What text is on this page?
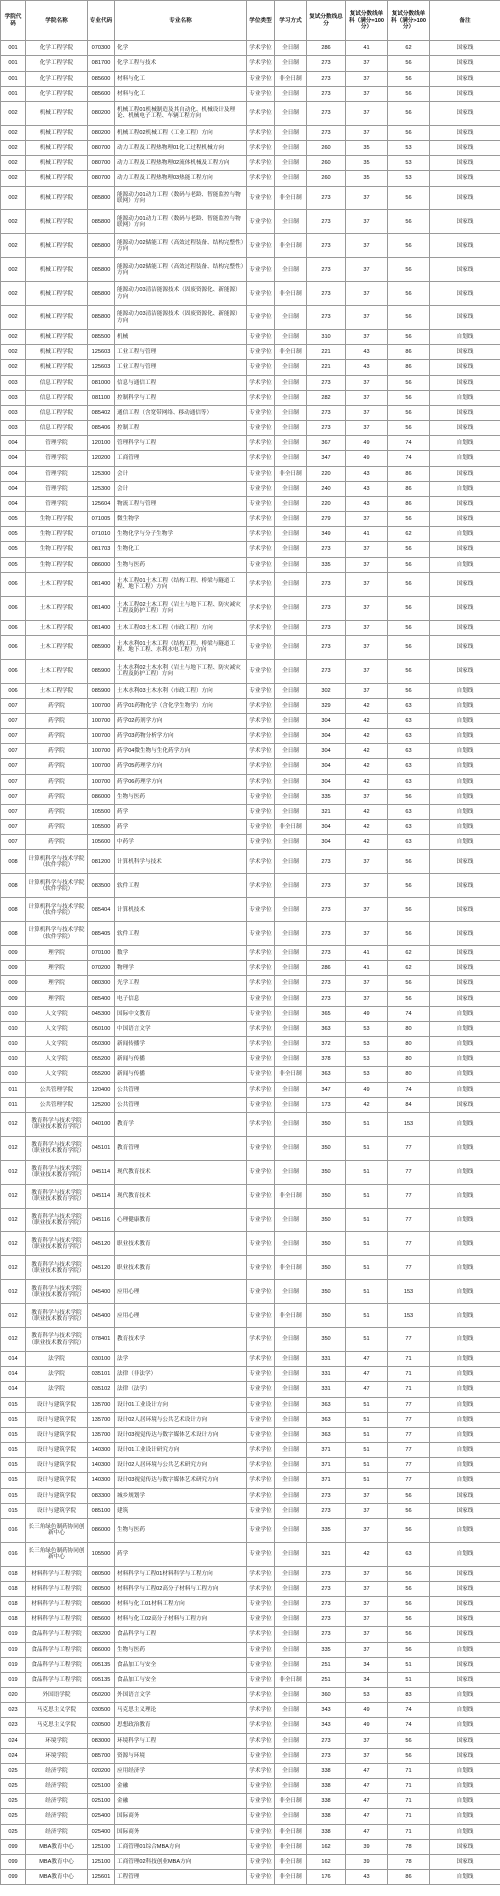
学院代码	学院名称	专业代码	专业名称	学位类型	学习方式	复试分数线总分	复试分数线单科（满分=100分）	复试分数线单科（满分>100分）	备注
001	化学工程学院	070300	化学	学术学位	全日制	286	41	62	国家线
001	化学工程学院	081700	化学工程与技术	学术学位	全日制	273	37	56	国家线
001	化学工程学院	085600	材料与化工	专业学位	非全日制	273	37	56	国家线
001	化学工程学院	085600	材料与化工	专业学位	全日制	273	37	56	国家线
002	机械工程学院	080200	机械工程01机械制造及其自动化、机械设计及理论、机械电子工程、车辆工程方向	学术学位	全日制	273	37	56	国家线
002	机械工程学院	080200	机械工程02机械工程（工业工程）方向	学术学位	全日制	273	37	56	国家线
002	机械工程学院	080700	动力工程及工程热物理01化工过程机械方向	学术学位	全日制	260	35	53	国家线
002	机械工程学院	080700	动力工程及工程热物理02流体机械及工程方向	学术学位	全日制	260	35	53	国家线
002	机械工程学院	080700	动力工程及工程热物理03热能工程方向	学术学位	全日制	260	35	53	国家线
002	机械工程学院	085800	能源动力01动力工程（数码与老龄、智能监控与物联网）方向	专业学位	非全日制	273	37	56	国家线
002	机械工程学院	085800	能源动力01动力工程（数码与老龄、智能监控与物联网）方向	专业学位	全日制	273	37	56	国家线
002	机械工程学院	085800	能源动力02储能工程（高效过程装备、结构完整性）方向	专业学位	非全日制	273	37	56	国家线
002	机械工程学院	085800	能源动力02储能工程（高效过程装备、结构完整性）方向	专业学位	全日制	273	37	56	国家线
002	机械工程学院	085800	能源动力03清洁能源技术（固废资源化、新能源）方向	专业学位	非全日制	273	37	56	国家线
002	机械工程学院	085800	能源动力03清洁能源技术（固废资源化、新能源）方向	专业学位	全日制	273	37	56	国家线
002	机械工程学院	085500	机械	专业学位	全日制	310	37	56	自划线
002	机械工程学院	125603	工业工程与管理	专业学位	非全日制	221	43	86	国家线
002	机械工程学院	125603	工业工程与管理	专业学位	全日制	221	43	86	国家线
003	信息工程学院	081000	信息与通信工程	学术学位	全日制	273	37	56	国家线
003	信息工程学院	081100	控制科学与工程	学术学位	全日制	282	37	56	自划线
003	信息工程学院	085402	通信工程（含宽带网络、移动通信等）	专业学位	全日制	273	37	56	国家线
003	信息工程学院	085406	控制工程	专业学位	全日制	273	37	56	国家线
004	管理学院	120100	管理科学与工程	学术学位	全日制	367	49	74	自划线
004	管理学院	120200	工商管理	学术学位	全日制	347	49	74	自划线
004	管理学院	125300	会计	专业学位	非全日制	220	43	86	国家线
004	管理学院	125300	会计	专业学位	全日制	240	43	86	自划线
004	管理学院	125604	物流工程与管理	专业学位	全日制	220	43	86	国家线
005	生物工程学院	071005	微生物学	学术学位	全日制	279	37	56	国家线
005	生物工程学院	071010	生物化学与分子生物学	学术学位	全日制	349	41	62	自划线
005	生物工程学院	081703	生物化工	学术学位	全日制	273	37	56	国家线
005	生物工程学院	086000	生物与医药	专业学位	全日制	335	37	56	自划线
006	土木工程学院	081400	土木工程01土木工程（结构工程、桥梁与隧道工程、地下工程）方向	学术学位	全日制	273	37	56	国家线
006	土木工程学院	081400	土木工程02土木工程（岩土与地下工程、防灾减灾工程及防护工程）方向	学术学位	全日制	273	37	56	国家线
006	土木工程学院	081400	土木工程03土木工程（市政工程）方向	学术学位	全日制	273	37	56	国家线
006	土木工程学院	085900	土木水利01土木工程（结构工程、桥梁与隧道工程、地下工程、水利水电工程）方向	专业学位	全日制	273	37	56	国家线
006	土木工程学院	085900	土木水利02土木水利（岩土与地下工程、防灾减灾工程及防护工程）方向	专业学位	全日制	273	37	56	国家线
006	土木工程学院	085900	土木水利03土木水利（市政工程）方向	专业学位	全日制	302	37	56	自划线
007	药学院	100700	药学01药物化学（含化学生物学）方向	学术学位	全日制	329	42	63	自划线
007	药学院	100700	药学02药剂学方向	学术学位	全日制	304	42	63	自划线
007	药学院	100700	药学03药物分析学方向	学术学位	全日制	304	42	63	自划线
007	药学院	100700	药学04微生物与生化药学方向	学术学位	全日制	304	42	63	自划线
007	药学院	100700	药学05药理学方向	学术学位	全日制	304	42	63	自划线
007	药学院	100700	药学06药理学方向	学术学位	全日制	304	42	63	自划线
007	药学院	086000	生物与医药	专业学位	全日制	335	37	56	自划线
007	药学院	105500	药学	专业学位	全日制	321	42	63	自划线
007	药学院	105500	药学	专业学位	非全日制	304	42	63	自划线
007	药学院	105600	中药学	专业学位	全日制	304	42	63	自划线
008	计算机科学与技术学院（软件学院）	081200	计算机科学与技术	学术学位	全日制	273	37	56	国家线
008	计算机科学与技术学院（软件学院）	083500	软件工程	学术学位	全日制	273	37	56	国家线
008	计算机科学与技术学院（软件学院）	085404	计算机技术	专业学位	全日制	273	37	56	国家线
008	计算机科学与技术学院（软件学院）	085405	软件工程	专业学位	全日制	273	37	56	国家线
009	理学院	070100	数学	学术学位	全日制	273	41	62	国家线
009	理学院	070200	物理学	学术学位	全日制	286	41	62	国家线
009	理学院	080300	光学工程	学术学位	全日制	273	37	56	国家线
009	理学院	085400	电子信息	专业学位	全日制	273	37	56	国家线
010	人文学院	045300	国际中文教育	专业学位	全日制	365	49	74	自划线
010	人文学院	050100	中国语言文学	学术学位	全日制	363	53	80	自划线
010	人文学院	050300	新闻传播学	学术学位	全日制	372	53	80	自划线
010	人文学院	055200	新闻与传播	专业学位	全日制	378	53	80	自划线
010	人文学院	055200	新闻与传播	专业学位	非全日制	363	53	80	自划线
011	公共管理学院	120400	公共管理	学术学位	全日制	347	49	74	自划线
011	公共管理学院	125200	公共管理	专业学位	全日制	173	42	84	国家线
012	教育科学与技术学院（职业技术教育学院）	040100	教育学	学术学位	全日制	350	51	153	自划线
012	教育科学与技术学院（职业技术教育学院）	045101	教育管理	专业学位	全日制	350	51	77	自划线
012	教育科学与技术学院（职业技术教育学院）	045114	现代教育技术	专业学位	全日制	350	51	77	自划线
012	教育科学与技术学院（职业技术教育学院）	045114	现代教育技术	专业学位	非全日制	350	51	77	自划线
012	教育科学与技术学院（职业技术教育学院）	045116	心理健康教育	专业学位	全日制	350	51	77	自划线
012	教育科学与技术学院（职业技术教育学院）	045120	职业技术教育	专业学位	全日制	350	51	77	自划线
012	教育科学与技术学院（职业技术教育学院）	045120	职业技术教育	专业学位	非全日制	350	51	77	自划线
012	教育科学与技术学院（职业技术教育学院）	045400	应用心理	专业学位	全日制	350	51	153	自划线
012	教育科学与技术学院（职业技术教育学院）	045400	应用心理	专业学位	非全日制	350	51	153	自划线
012	教育科学与技术学院（职业技术教育学院）	078401	教育技术学	学术学位	全日制	350	51	77	自划线
014	法学院	030100	法学	学术学位	全日制	331	47	71	自划线
014	法学院	035101	法律（非法学）	专业学位	全日制	331	47	71	自划线
014	法学院	035102	法律（法学）	专业学位	全日制	331	47	71	自划线
015	设计与建筑学院	135700	设计01工业设计方向	专业学位	全日制	363	51	77	自划线
015	设计与建筑学院	135700	设计02人居环境与公共艺术设计方向	专业学位	全日制	363	51	77	自划线
015	设计与建筑学院	135700	设计03视觉传达与数字媒体艺术设计方向	专业学位	全日制	363	51	77	自划线
015	设计与建筑学院	140300	设计01工业设计研究方向	学术学位	全日制	371	51	77	自划线
015	设计与建筑学院	140300	设计02人居环境与公共艺术研究方向	学术学位	全日制	371	51	77	自划线
015	设计与建筑学院	140300	设计03视觉传达与数字媒体艺术研究方向	学术学位	全日制	371	51	77	自划线
015	设计与建筑学院	083300	城乡规划学	学术学位	全日制	273	37	56	国家线
015	设计与建筑学院	085100	建筑	专业学位	全日制	273	37	56	国家线
016	长三角绿色制药协同创新中心	086000	生物与医药	专业学位	全日制	335	37	56	自划线
016	长三角绿色制药协同创新中心	105500	药学	专业学位	全日制	321	42	63	自划线
018	材料科学与工程学院	080500	材料科学与工程01材料科学与工程方向	学术学位	全日制	273	37	56	国家线
018	材料科学与工程学院	080500	材料科学与工程02高分子材料与工程方向	学术学位	全日制	273	37	56	国家线
018	材料科学与工程学院	085600	材料与化工01材料工程方向	专业学位	全日制	273	37	56	国家线
018	材料科学与工程学院	085600	材料与化工02高分子材料与工程方向	专业学位	全日制	273	37	56	国家线
019	食品科学与工程学院	083200	食品科学与工程	学术学位	全日制	273	37	56	国家线
019	食品科学与工程学院	086000	生物与医药	专业学位	全日制	335	37	56	自划线
019	食品科学与工程学院	095135	食品加工与安全	专业学位	全日制	251	34	51	国家线
019	食品科学与工程学院	095135	食品加工与安全	专业学位	非全日制	251	34	51	国家线
020	外国语学院	050200	外国语言文学	学术学位	全日制	360	53	83	自划线
023	马克思主义学院	030500	马克思主义理论	学术学位	全日制	343	49	74	自划线
023	马克思主义学院	030500	思想政治教育	学术学位	全日制	343	49	74	自划线
024	环境学院	083000	环境科学与工程	学术学位	全日制	273	37	56	国家线
024	环境学院	085700	资源与环境	专业学位	全日制	273	37	56	国家线
025	经济学院	020200	应用经济学	学术学位	全日制	338	47	71	自划线
025	经济学院	025100	金融	专业学位	全日制	338	47	71	自划线
025	经济学院	025100	金融	专业学位	非全日制	338	47	71	自划线
025	经济学院	025400	国际商务	专业学位	全日制	338	47	71	自划线
025	经济学院	025400	国际商务	专业学位	非全日制	338	47	71	自划线
099	MBA教育中心	125100	工商管理01综合MBA方向	专业学位	非全日制	162	39	78	国家线
099	MBA教育中心	125100	工商管理02科技创业MBA方向	专业学位	非全日制	162	39	78	国家线
099	MBA教育中心	125601	工程管理	专业学位	非全日制	176	43	86	自划线
